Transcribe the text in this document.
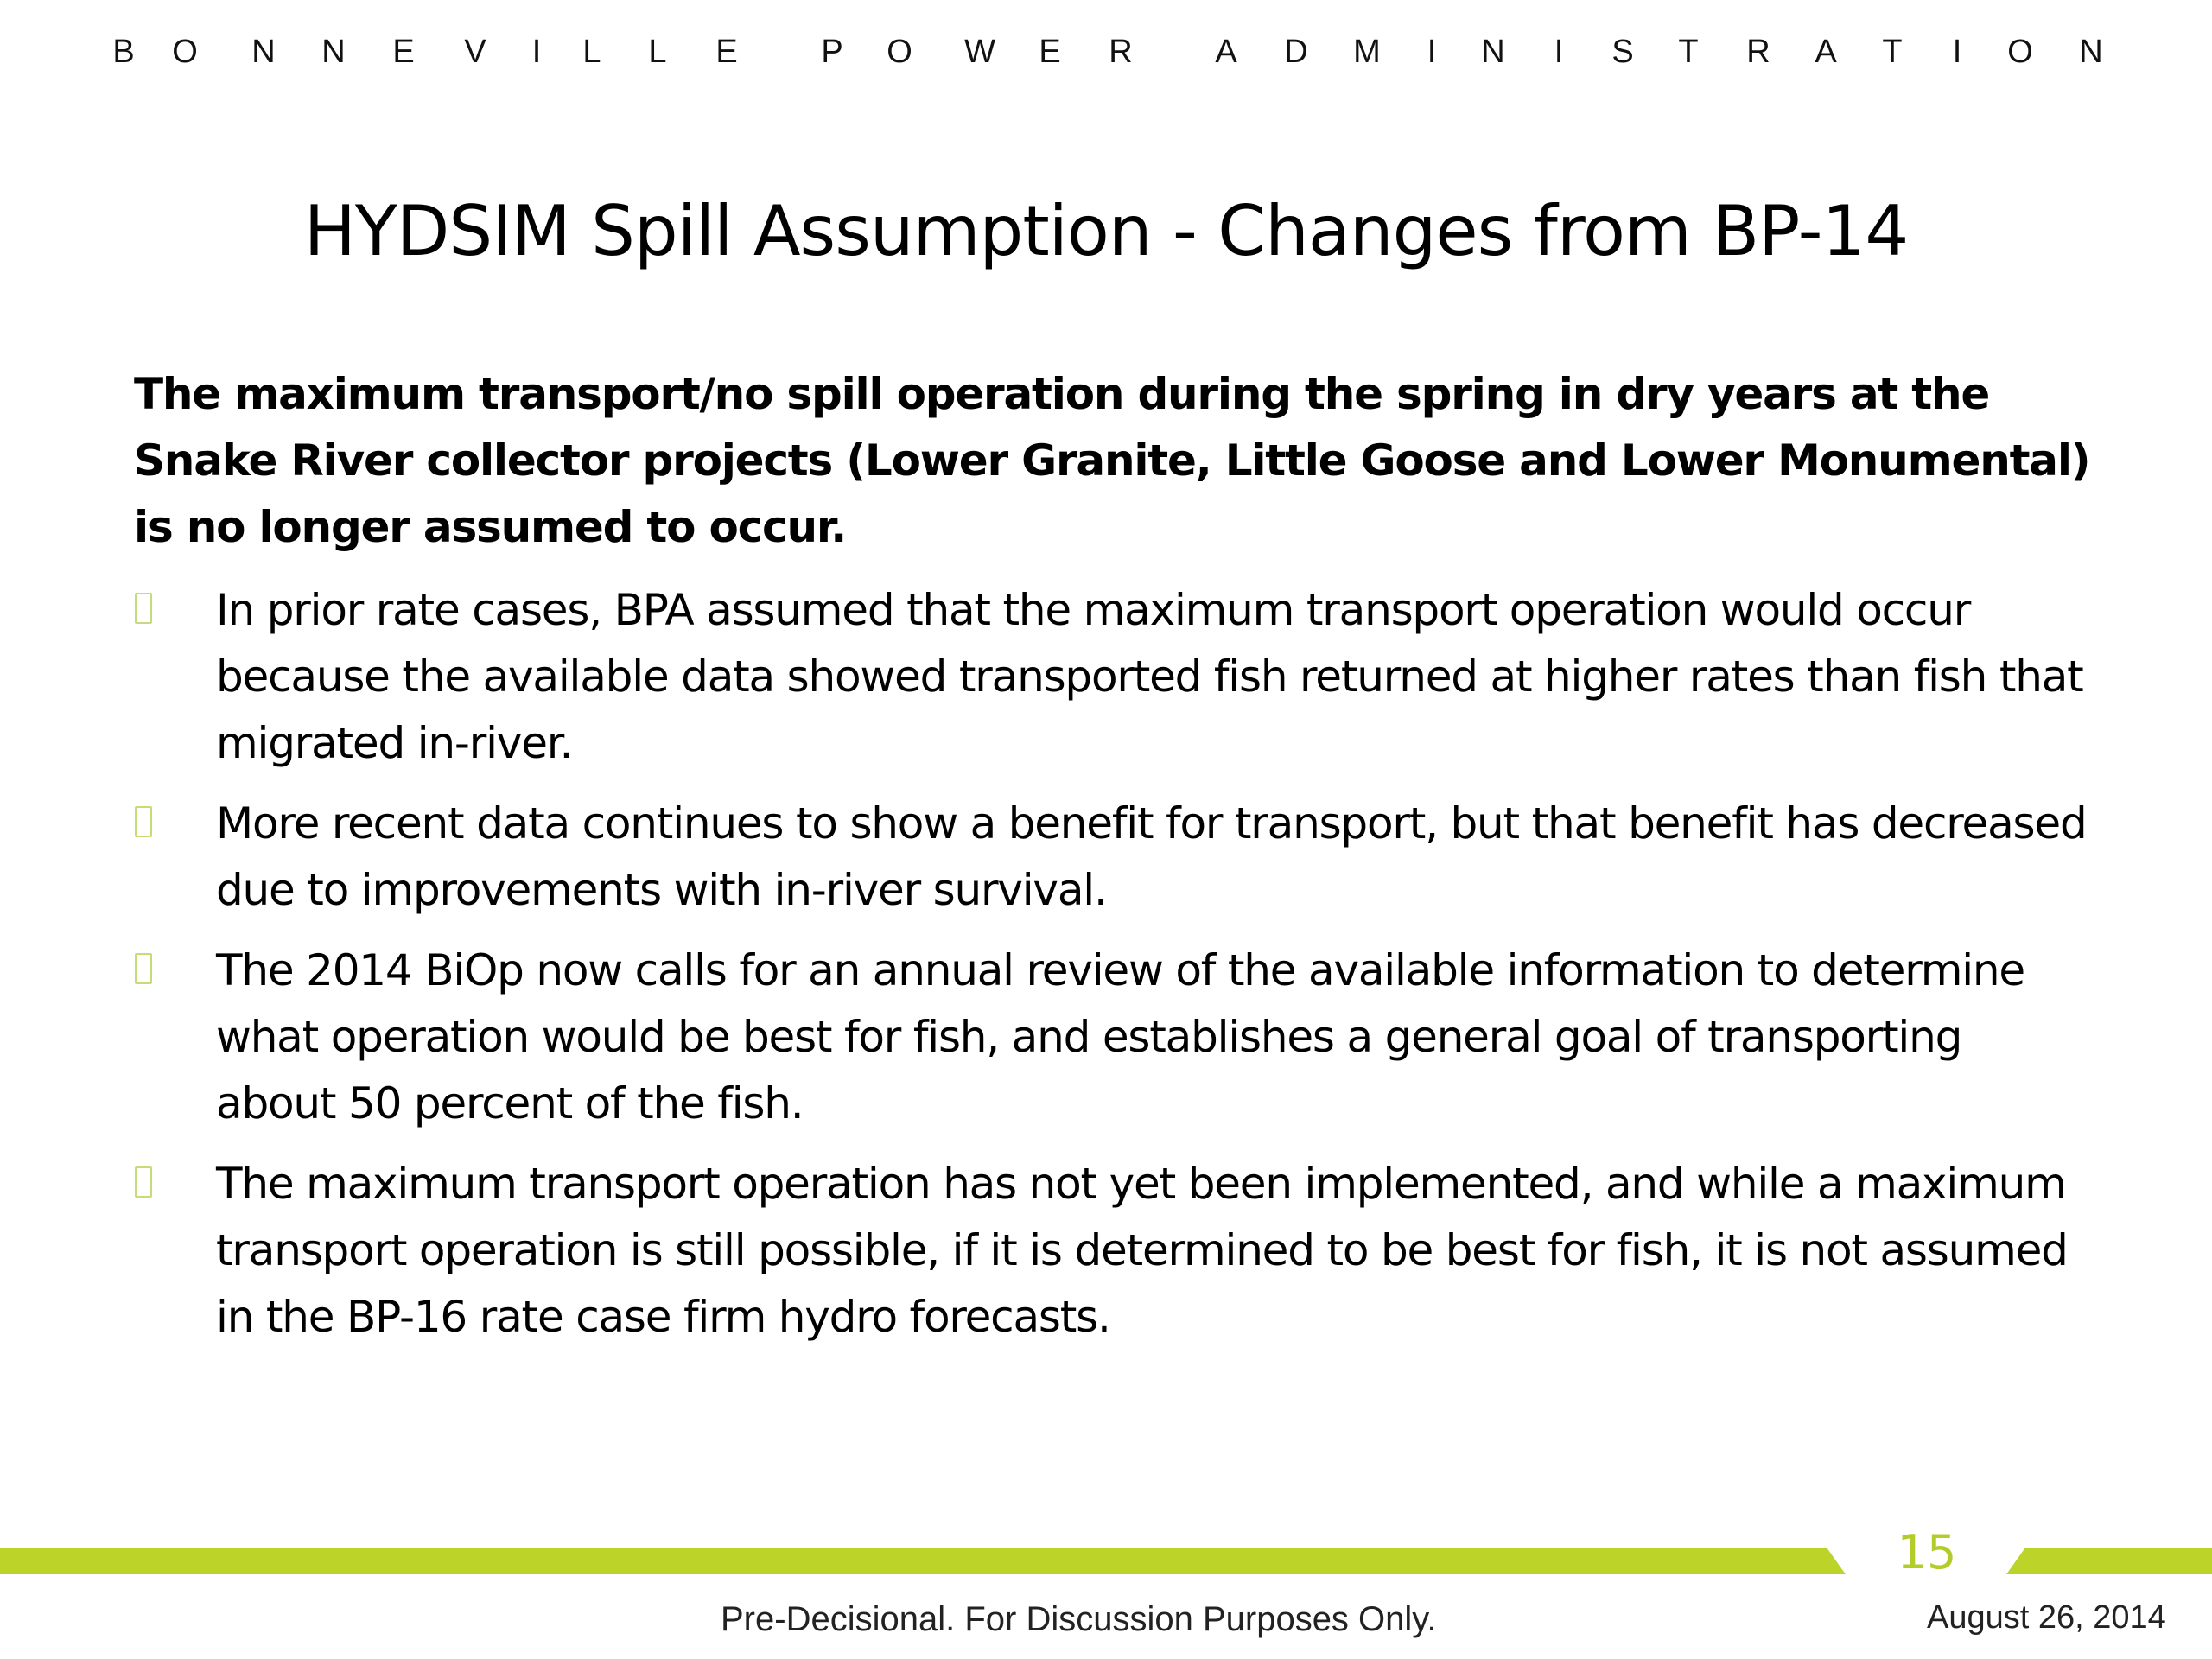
B O N N E V I L L E	P O W E R	A D M I N I S T R A T I O N
HYDSIM Spill Assumption - Changes from BP-14

The maximum transport/no spill operation during the spring in dry years at the Snake River collector projects (Lower Granite, Little Goose and Lower Monumental) is no longer assumed to occur.

In prior rate cases, BPA assumed that the maximum transport operation would occur because the available data showed transported fish returned at higher rates than fish that migrated in-river.
More recent data continues to show a benefit for transport, but that benefit has decreased due to improvements with in-river survival.
The 2014 BiOp now calls for an annual review of the available information to determine what operation would be best for fish, and establishes a general goal of transporting about 50 percent of the fish.
The maximum transport operation has not yet been implemented, and while a maximum transport operation is still possible, if it is determined to be best for fish, it is not assumed in the BP-16 rate case firm hydro forecasts.
15
Pre-Decisional. For Discussion Purposes Only.	August 26, 2014
